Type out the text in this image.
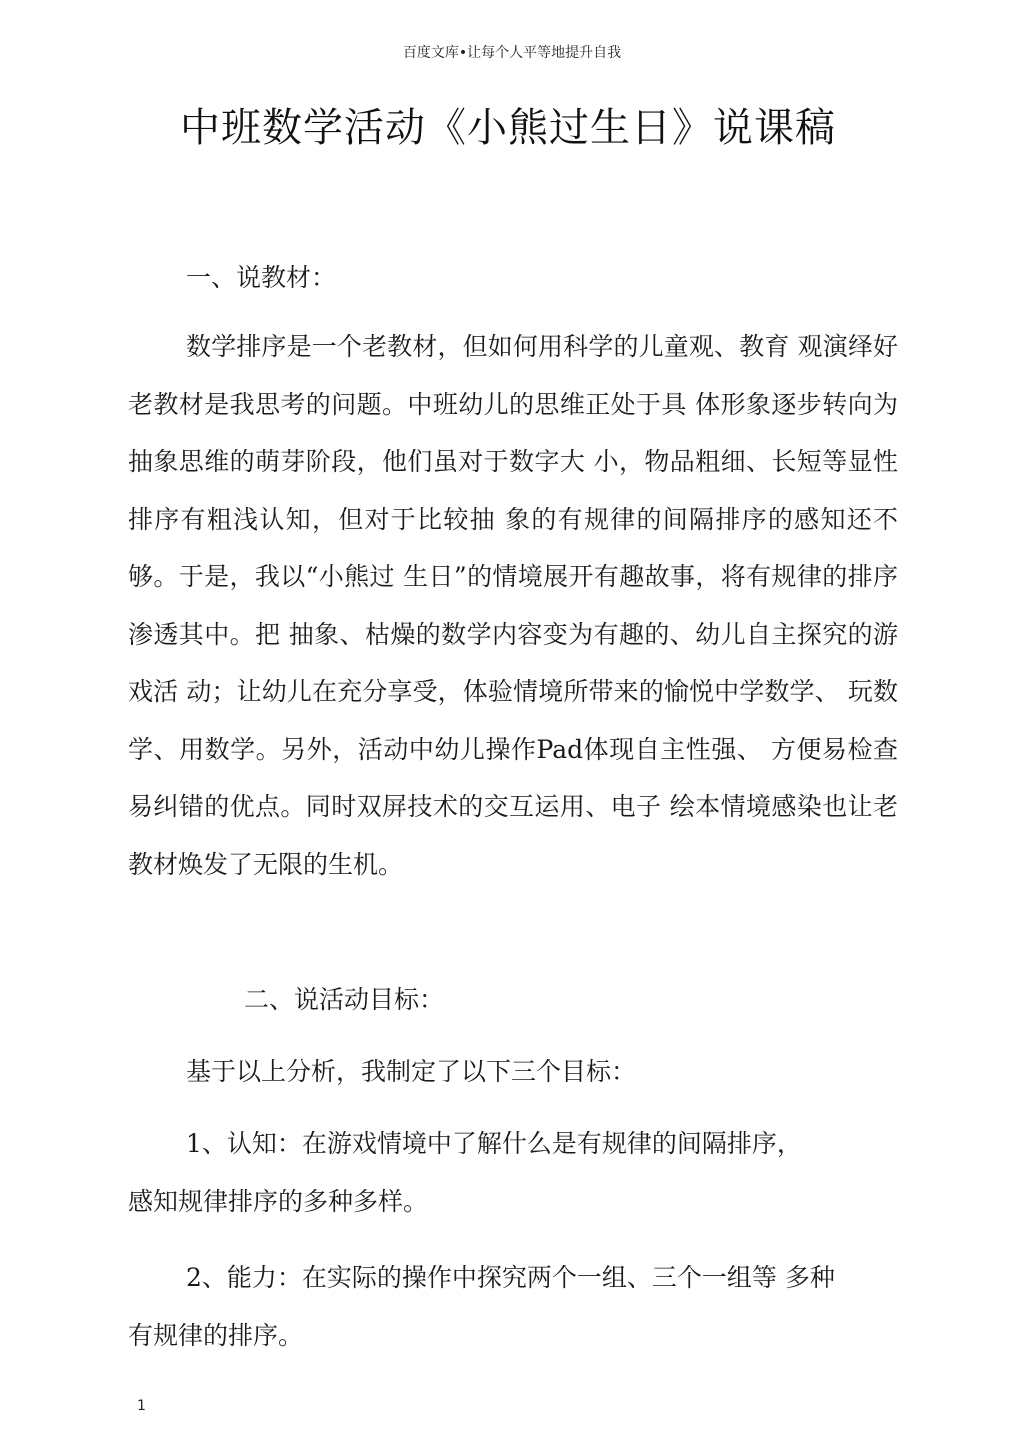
百度文库•让每个人平等地提升自我
中班数学活动《小熊过生日》说课稿
一、说教材：

数学排序是一个老教材，但如何用科学的儿童观、教育 观演绎好老教材是我思考的问题。中班幼儿的思维正处于具 体形象逐步转向为抽象思维的萌芽阶段，他们虽对于数字大 小，物品粗细、长短等显性排序有粗浅认知，但对于比较抽 象的有规律的间隔排序的感知还不够。于是，我以“小熊过 生日”的情境展开有趣故事，将有规律的排序渗透其中。把 抽象、枯燥的数学内容变为有趣的、幼儿自主探究的游戏活 动；让幼儿在充分享受，体验情境所带来的愉悦中学数学、 玩数学、用数学。另外，活动中幼儿操作Pad体现自主性强、 方便易检查易纠错的优点。同时双屏技术的交互运用、电子 绘本情境感染也让老教材焕发了无限的生机。

二、说活动目标：
基于以上分析，我制定了以下三个目标：
1、认知：在游戏情境中了解什么是有规律的间隔排序，
感知规律排序的多种多样。
2、能力：在实际的操作中探究两个一组、三个一组等 多种
有规律的排序。
1
